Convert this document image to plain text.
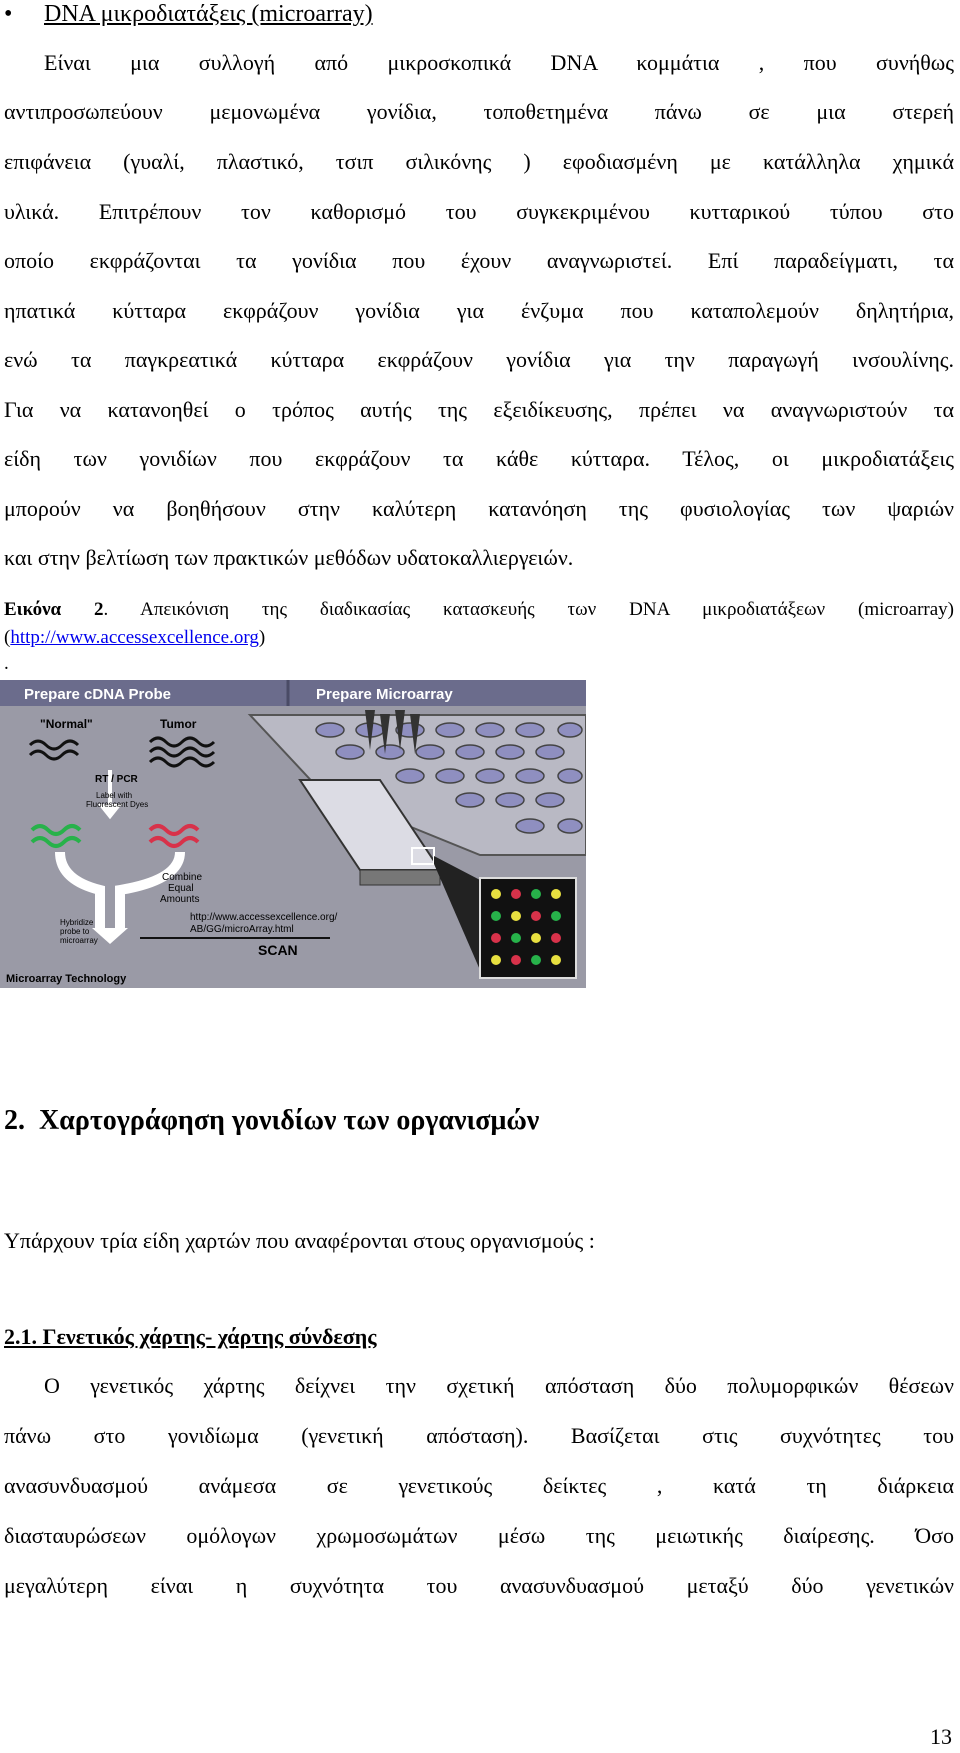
• DNA μικροδιατάξεις (microarray)
Είναι μια συλλογή από μικροσκοπικά DNA κομμάτια , που συνήθως
αντιπροσωπεύουν μεμονωμένα γονίδια, τοποθετημένα πάνω σε μια στερεή
επιφάνεια (γυαλί, πλαστικό, τσιπ σιλικόνης ) εφοδιασμένη με κατάλληλα χημικά
υλικά. Επιτρέπουν τον καθορισμό του συγκεκριμένου κυτταρικού τύπου στο
οποίο εκφράζονται τα γονίδια που έχουν αναγνωριστεί. Επί παραδείγματι, τα
ηπατικά κύτταρα εκφράζουν γονίδια για ένζυμα που καταπολεμούν δηλητήρια,
ενώ τα παγκρεατικά κύτταρα εκφράζουν γονίδια για την παραγωγή ινσουλίνης.
Για να κατανοηθεί ο τρόπος αυτής της εξειδίκευσης, πρέπει να αναγνωριστούν τα
είδη των γονιδίων που εκφράζουν τα κάθε κύτταρα. Τέλος, οι μικροδιατάξεις
μπορούν να βοηθήσουν στην καλύτερη κατανόηση της φυσιολογίας των ψαριών
και στην βελτίωση των πρακτικών μεθόδων υδατοκαλλιεργειών.
Εικόνα 2. Απεικόνιση της διαδικασίας κατασκευής των DNA μικροδιατάξεων (microarray)
(http://www.accessexcellence.org)
.
Prepare cDNA Probe	Prepare Microarray
"Normal"	Tumor
RT / PCR
Label with
Fluorescent Dyes
Combine
Equal
Amounts
Hybridize
probe to
microarray
http://www.accessexcellence.org/
AB/GG/microArray.html
SCAN
Microarray Technology
2. Χαρτογράφηση γονιδίων των οργανισμών
Υπάρχουν τρία είδη χαρτών που αναφέρονται στους οργανισμούς :
2.1. Γενετικός χάρτης- χάρτης σύνδεσης
Ο γενετικός χάρτης δείχνει την σχετική απόσταση δύο πολυμορφικών θέσεων
πάνω στο γονιδίωμα (γενετική απόσταση). Βασίζεται στις συχνότητες του
ανασυνδυασμού ανάμεσα σε γενετικούς δείκτες , κατά τη διάρκεια
διασταυρώσεων ομόλογων χρωμοσωμάτων μέσω της μειωτικής διαίρεσης. Όσο
μεγαλύτερη είναι η συχνότητα του ανασυνδυασμού μεταξύ δύο γενετικών
13
